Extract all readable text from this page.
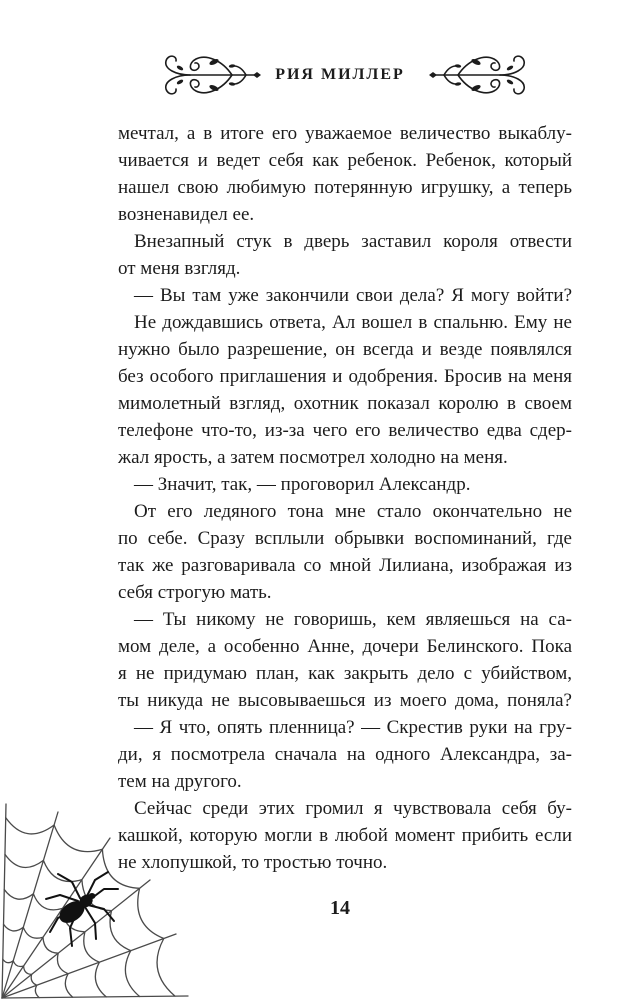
РИЯ МИЛЛЕР
мечтал, а в итоге его уважаемое величество выкаблу-
чивается и ведет себя как ребенок. Ребенок, который
нашел свою любимую потерянную игрушку, а теперь
возненавидел ее.
Внезапный стук в дверь заставил короля отвести
от меня взгляд.
— Вы там уже закончили свои дела? Я могу войти?
Не дождавшись ответа, Ал вошел в спальню. Ему не
нужно было разрешение, он всегда и везде появлялся
без особого приглашения и одобрения. Бросив на меня
мимолетный взгляд, охотник показал королю в своем
телефоне что-то, из-за чего его величество едва сдер-
жал ярость, а затем посмотрел холодно на меня.
— Значит, так, — проговорил Александр.
От его ледяного тона мне стало окончательно не
по себе. Сразу всплыли обрывки воспоминаний, где
так же разговаривала со мной Лилиана, изображая из
себя строгую мать.
— Ты никому не говоришь, кем являешься на са-
мом деле, а особенно Анне, дочери Белинского. Пока
я не придумаю план, как закрыть дело с убийством,
ты никуда не высовываешься из моего дома, поняла?
— Я что, опять пленница? — Скрестив руки на гру-
ди, я посмотрела сначала на одного Александра, за-
тем на другого.
Сейчас среди этих громил я чувствовала себя бу-
кашкой, которую могли в любой момент прибить если
не хлопушкой, то тростью точно.
14
